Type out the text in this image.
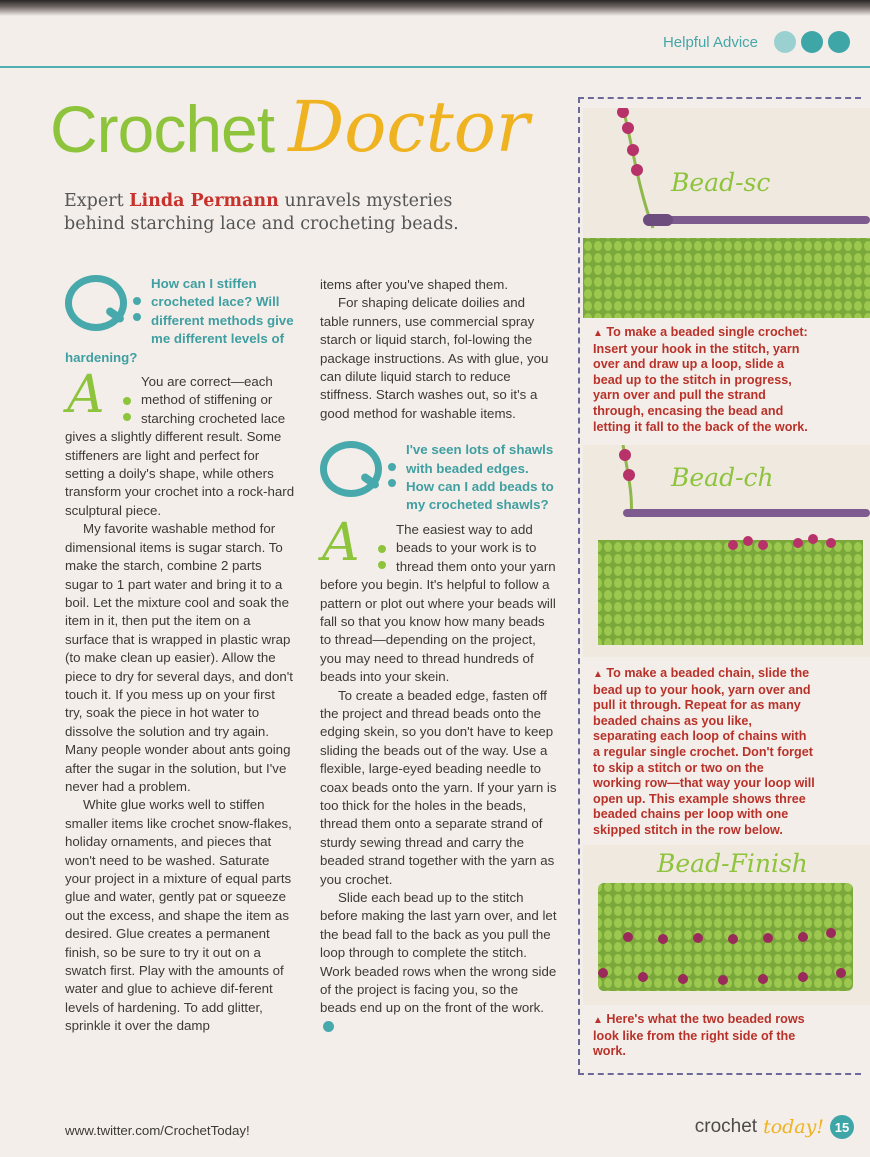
Helpful Advice
Crochet Doctor
Expert Linda Permann unravels mysteries behind starching lace and crocheting beads.
How can I stiffen crocheted lace? Will different methods give me different levels of hardening?
A	You are correct—each method of stiffening or starching crocheted lace gives a slightly different result. Some stiffeners are light and perfect for setting a doily's shape, while others transform your crochet into a rock-hard sculptural piece.

My favorite washable method for dimensional items is sugar starch. To make the starch, combine 2 parts sugar to 1 part water and bring it to a boil. Let the mixture cool and soak the item in it, then put the item on a surface that is wrapped in plastic wrap (to make clean up easier). Allow the piece to dry for several days, and don't touch it. If you mess up on your first try, soak the piece in hot water to dissolve the solution and try again. Many people wonder about ants going after the sugar in the solution, but I've never had a problem.

White glue works well to stiffen smaller items like crochet snow-flakes, holiday ornaments, and pieces that won't need to be washed. Saturate your project in a mixture of equal parts glue and water, gently pat or squeeze out the excess, and shape the item as desired. Glue creates a permanent finish, so be sure to try it out on a swatch first. Play with the amounts of water and glue to achieve dif-ferent levels of hardening. To add glitter, sprinkle it over the damp

items after you've shaped them.

For shaping delicate doilies and table runners, use commercial spray starch or liquid starch, fol-lowing the package instructions. As with glue, you can dilute liquid starch to reduce stiffness. Starch washes out, so it's a good method for washable items.

I've seen lots of shawls with beaded edges. How can I add beads to my crocheted shawls?
A	The easiest way to add beads to your work is to thread them onto your yarn before you begin. It's helpful to follow a pattern or plot out where your beads will fall so that you know how many beads to thread—depending on the project, you may need to thread hundreds of beads into your skein.

To create a beaded edge, fasten off the project and thread beads onto the edging skein, so you don't have to keep sliding the beads out of the way. Use a flexible, large-eyed beading needle to coax beads onto the yarn. If your yarn is too thick for the holes in the beads, thread them onto a separate strand of sturdy sewing thread and carry the beaded strand together with the yarn as you crochet.

Slide each bead up to the stitch before making the last yarn over, and let the bead fall to the back as you pull the loop through to complete the stitch. Work beaded rows when the wrong side of the project is facing you, so the beads end up on the front of the work.

Bead-sc
▲ To make a beaded single crochet: Insert your hook in the stitch, yarn over and draw up a loop, slide a bead up to the stitch in progress, yarn over and pull the strand through, encasing the bead and letting it fall to the back of the work.
Bead-ch
▲ To make a beaded chain, slide the bead up to your hook, yarn over and pull it through. Repeat for as many beaded chains as you like, separating each loop of chains with a regular single crochet. Don't forget to skip a stitch or two on the working row—that way your loop will open up. This example shows three beaded chains per loop with one skipped stitch in the row below.
Bead-Finish
▲ Here's what the two beaded rows look like from the right side of the work.
www.twitter.com/CrochetToday!	crochet today! 15
